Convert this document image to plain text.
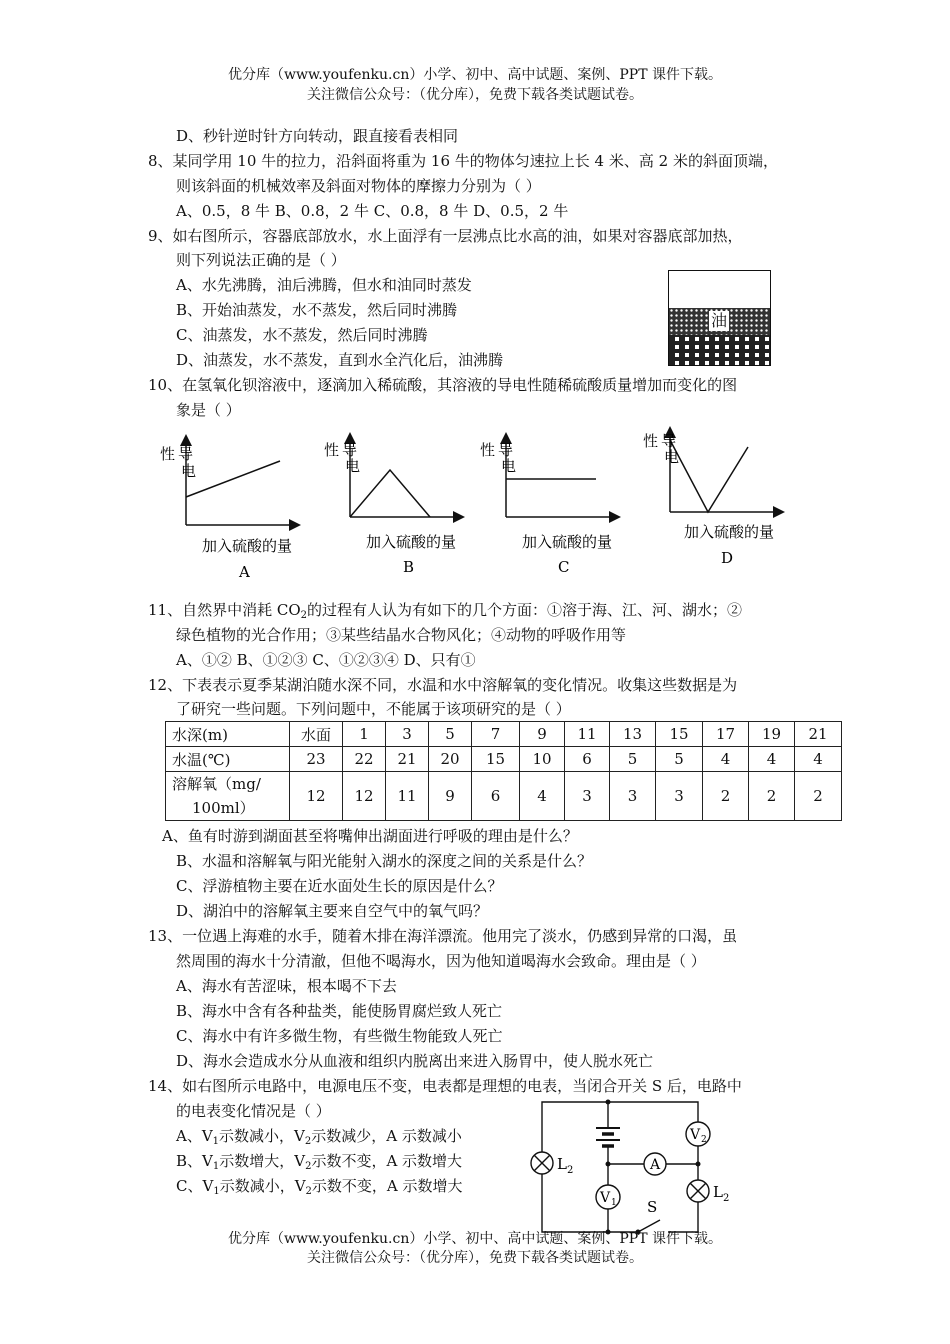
优分库（www.youfenku.cn）小学、初中、高中试题、案例、PPT 课件下载。
关注微信公众号：（优分库），免费下载各类试题试卷。
D、秒针逆时针方向转动，跟直接看表相同
8、某同学用 10 牛的拉力，沿斜面将重为 16 牛的物体匀速拉上长 4 米、高 2 米的斜面顶端，
则该斜面的机械效率及斜面对物体的摩擦力分别为（ ）
A、0.5，8 牛 B、0.8，2 牛 C、0.8，8 牛 D、0.5，2 牛
9、如右图所示，容器底部放水，水上面浮有一层沸点比水高的油，如果对容器底部加热，
则下列说法正确的是（ ）
A、水先沸腾，油后沸腾，但水和油同时蒸发
B、开始油蒸发，水不蒸发，然后同时沸腾
C、油蒸发，水不蒸发，然后同时沸腾
D、油蒸发，水不蒸发，直到水全汽化后，油沸腾
油
10、在氢氧化钡溶液中，逐滴加入稀硫酸，其溶液的导电性随稀硫酸质量增加而变化的图
象是（ ）
性 导
电
加入硫酸的量
A
性 导
电
加入硫酸的量
B
性 导
电
加入硫酸的量
C
性 导
电
加入硫酸的量
D
11、自然界中消耗 $CO_2$的过程有人认为有如下的几个方面：①溶于海、江、河、湖水；②
绿色植物的光合作用；③某些结晶水合物风化；④动物的呼吸作用等
A、①② B、①②③ C、①②③④ D、只有①
12、下表表示夏季某湖泊随水深不同，水温和水中溶解氧的变化情况。收集这些数据是为
了研究一些问题。下列问题中，不能属于该项研究的是（ ）
水深(m)	水面	1	3	5	7	9	11	13	15	17	19	21
水温(℃)	23	22	21	20	15	10	6	5	5	4	4	4

溶解氧（mg/
100ml）	12	12	11	9	6	4	3	3	3	2	2	2
A、鱼有时游到湖面甚至将嘴伸出湖面进行呼吸的理由是什么？
B、水温和溶解氧与阳光能射入湖水的深度之间的关系是什么？
C、浮游植物主要在近水面处生长的原因是什么？
D、湖泊中的溶解氧主要来自空气中的氧气吗？
13、一位遇上海难的水手，随着木排在海洋漂流。他用完了淡水，仍感到异常的口渴，虽
然周围的海水十分清澈，但他不喝海水，因为他知道喝海水会致命。理由是（ ）
A、海水有苦涩味，根本喝不下去
B、海水中含有各种盐类，能使肠胃腐烂致人死亡
C、海水中有许多微生物，有些微生物能致人死亡
D、海水会造成水分从血液和组织内脱离出来进入肠胃中，使人脱水死亡
14、如右图所示电路中，电源电压不变，电表都是理想的电表，当闭合开关 S 后，电路中
的电表变化情况是（ ）
A、$V_1$示数减小，$V_2$示数减少，A 示数减小
B、$V_1$示数增大，$V_2$示数不变，A 示数增大
C、$V_1$示数减小，$V_2$示数不变，A 示数增大
L 2
L 2
V 2
A
V 1 S
优分库（www.youfenku.cn）小学、初中、高中试题、案例、PPT 课件下载。
关注微信公众号：（优分库），免费下载各类试题试卷。
